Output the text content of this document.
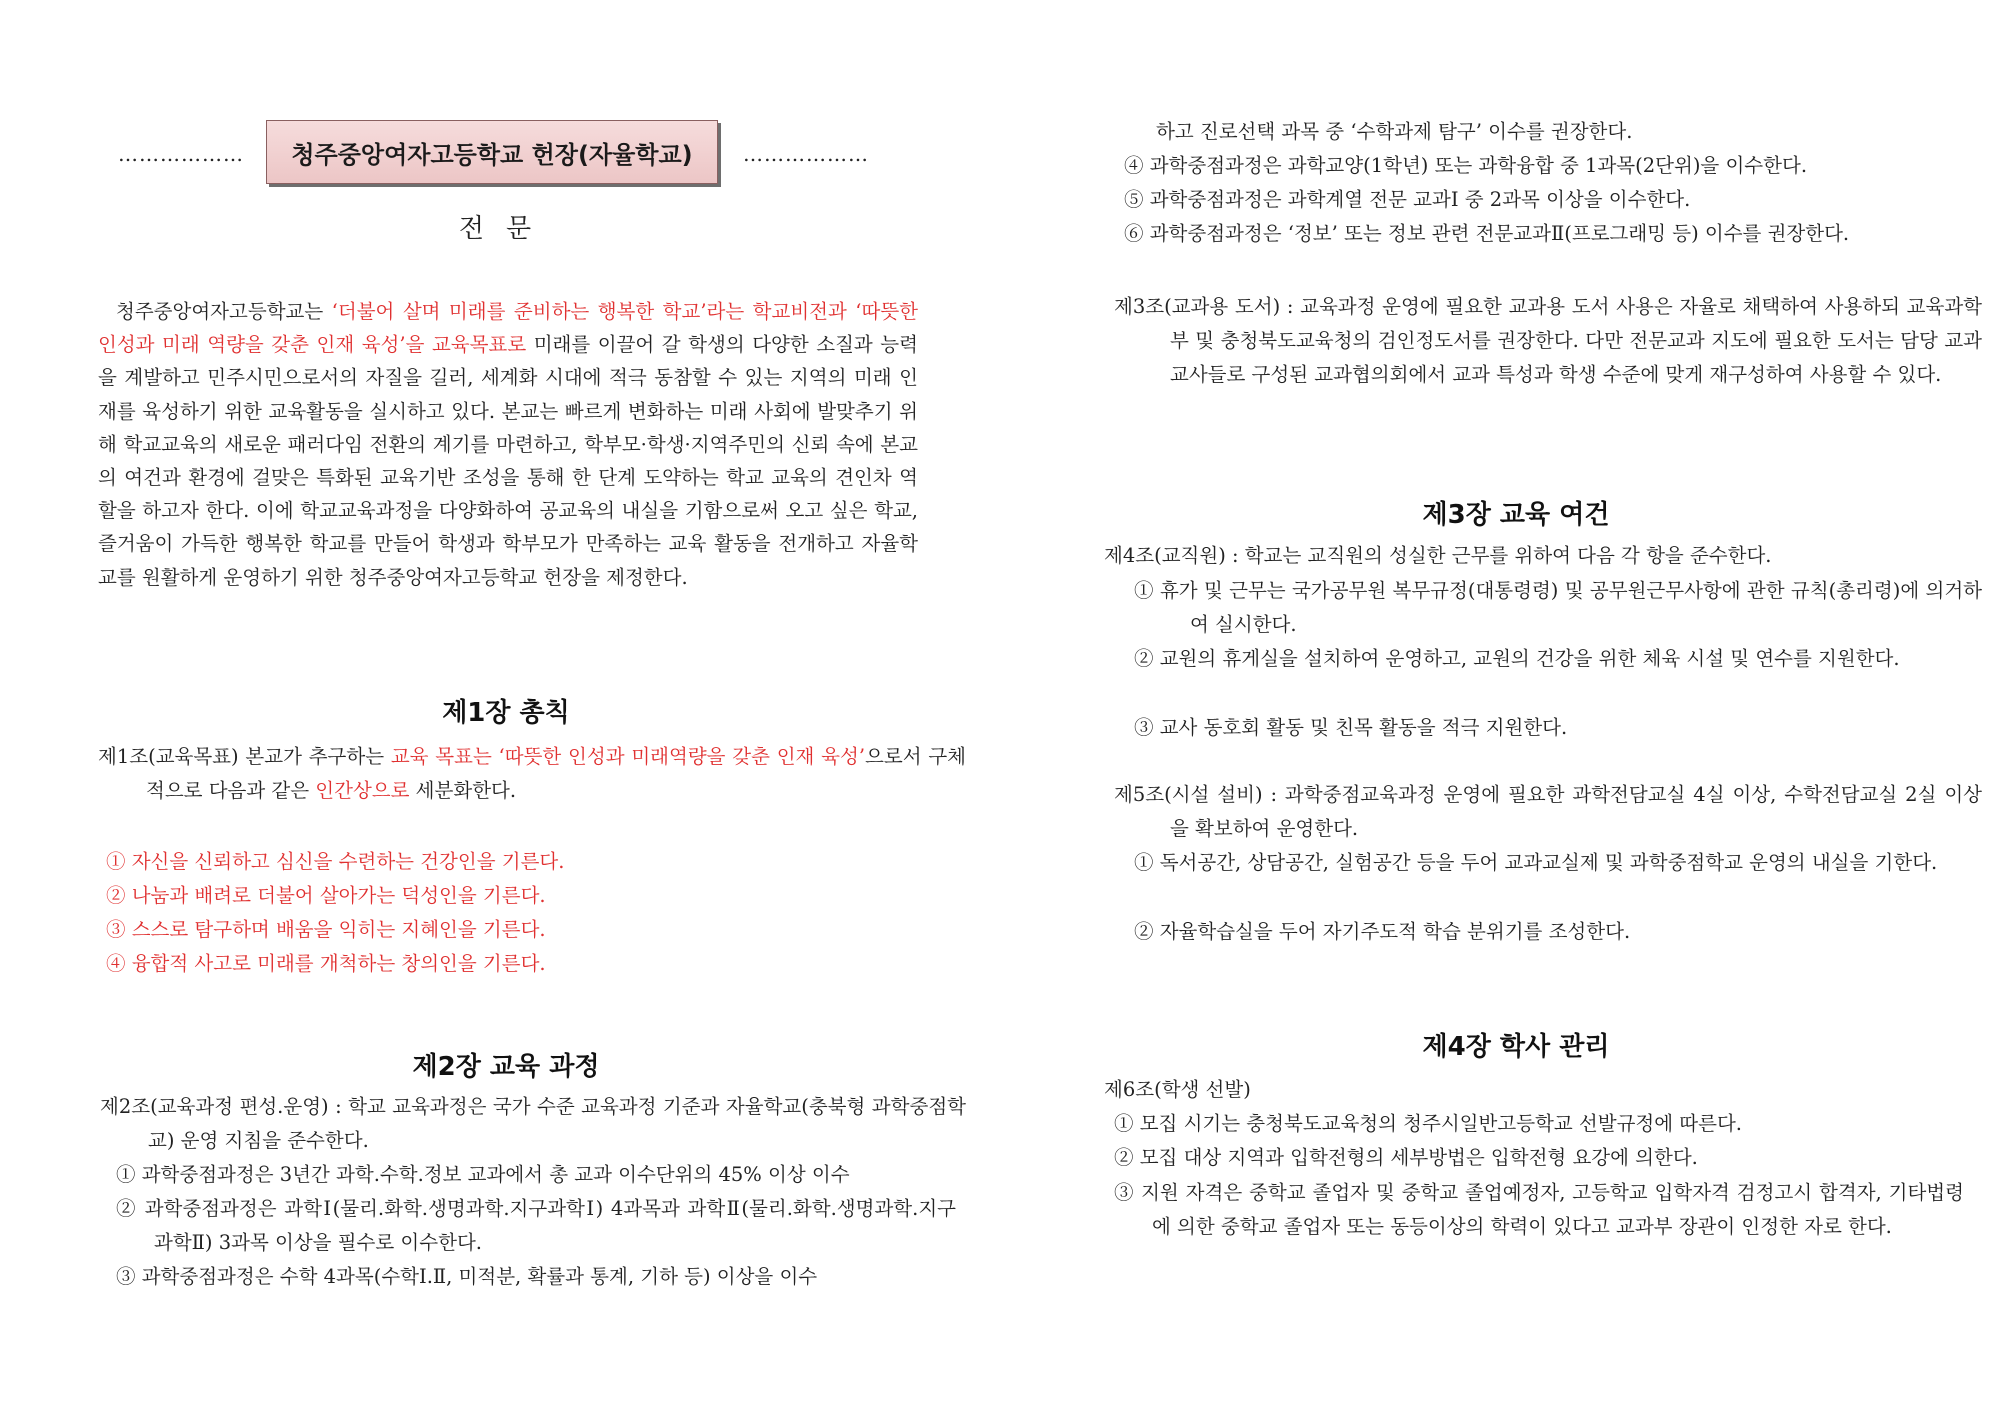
………………	청주중앙여자고등학교 헌장(자율학교)	………………
전문

청주중앙여자고등학교는 ‘더불어 살며 미래를 준비하는 행복한 학교’라는 학교비전과 ‘따뜻한 인성과 미래 역량을 갖춘 인재 육성’을 교육목표로 미래를 이끌어 갈 학생의 다양한 소질과 능력을 계발하고 민주시민으로서의 자질을 길러, 세계화 시대에 적극 동참할 수 있는 지역의 미래 인재를 육성하기 위한 교육활동을 실시하고 있다. 본교는 빠르게 변화하는 미래 사회에 발맞추기 위해 학교교육의 새로운 패러다임 전환의 계기를 마련하고, 학부모·학생·지역주민의 신뢰 속에 본교의 여건과 환경에 걸맞은 특화된 교육기반 조성을 통해 한 단계 도약하는 학교 교육의 견인차 역할을 하고자 한다. 이에 학교교육과정을 다양화하여 공교육의 내실을 기함으로써 오고 싶은 학교, 즐거움이 가득한 행복한 학교를 만들어 학생과 학부모가 만족하는 교육 활동을 전개하고 자율학교를 원활하게 운영하기 위한 청주중앙여자고등학교 헌장을 제정한다.

제1장 총칙
제1조(교육목표) 본교가 추구하는 교육 목표는 ‘따뜻한 인성과 미래역량을 갖춘 인재 육성’으로서 구체적으로 다음과 같은 인간상으로 세분화한다.
① 자신을 신뢰하고 심신을 수련하는 건강인을 기른다.
② 나눔과 배려로 더불어 살아가는 덕성인을 기른다.
③ 스스로 탐구하며 배움을 익히는 지혜인을 기른다.
④ 융합적 사고로 미래를 개척하는 창의인을 기른다.
제2장 교육 과정
제2조(교육과정 편성.운영) : 학교 교육과정은 국가 수준 교육과정 기준과 자율학교(충북형 과학중점학교) 운영 지침을 준수한다.
① 과학중점과정은 3년간 과학.수학.정보 교과에서 총 교과 이수단위의 45% 이상 이수
② 과학중점과정은 과학Ⅰ(물리.화학.생명과학.지구과학Ⅰ) 4과목과 과학Ⅱ(물리.화학.생명과학.지구과학Ⅱ) 3과목 이상을 필수로 이수한다.
③ 과학중점과정은 수학 4과목(수학Ⅰ.Ⅱ, 미적분, 확률과 통계, 기하 등) 이상을 이수
하고 진로선택 과목 중 ‘수학과제 탐구’ 이수를 권장한다.
④ 과학중점과정은 과학교양(1학년) 또는 과학융합 중 1과목(2단위)을 이수한다.
⑤ 과학중점과정은 과학계열 전문 교과Ⅰ 중 2과목 이상을 이수한다.
⑥ 과학중점과정은 ‘정보’ 또는 정보 관련 전문교과Ⅱ(프로그래밍 등) 이수를 권장한다.
제3조(교과용 도서) : 교육과정 운영에 필요한 교과용 도서 사용은 자율로 채택하여 사용하되 교육과학부 및 충청북도교육청의 검인정도서를 권장한다. 다만 전문교과 지도에 필요한 도서는 담당 교과 교사들로 구성된 교과협의회에서 교과 특성과 학생 수준에 맞게 재구성하여 사용할 수 있다.
제3장 교육 여건
제4조(교직원) : 학교는 교직원의 성실한 근무를 위하여 다음 각 항을 준수한다.
① 휴가 및 근무는 국가공무원 복무규정(대통령령) 및 공무원근무사항에 관한 규칙(총리령)에 의거하여 실시한다.
② 교원의 휴게실을 설치하여 운영하고, 교원의 건강을 위한 체육 시설 및 연수를 지원한다.
③ 교사 동호회 활동 및 친목 활동을 적극 지원한다.
제5조(시설 설비) : 과학중점교육과정 운영에 필요한 과학전담교실 4실 이상, 수학전담교실 2실 이상을 확보하여 운영한다.
① 독서공간, 상담공간, 실험공간 등을 두어 교과교실제 및 과학중점학교 운영의 내실을 기한다.
② 자율학습실을 두어 자기주도적 학습 분위기를 조성한다.
제4장 학사 관리
제6조(학생 선발)
① 모집 시기는 충청북도교육청의 청주시일반고등학교 선발규정에 따른다.
② 모집 대상 지역과 입학전형의 세부방법은 입학전형 요강에 의한다.
③ 지원 자격은 중학교 졸업자 및 중학교 졸업예정자, 고등학교 입학자격 검정고시 합격자, 기타법령에 의한 중학교 졸업자 또는 동등이상의 학력이 있다고 교과부 장관이 인정한 자로 한다.
